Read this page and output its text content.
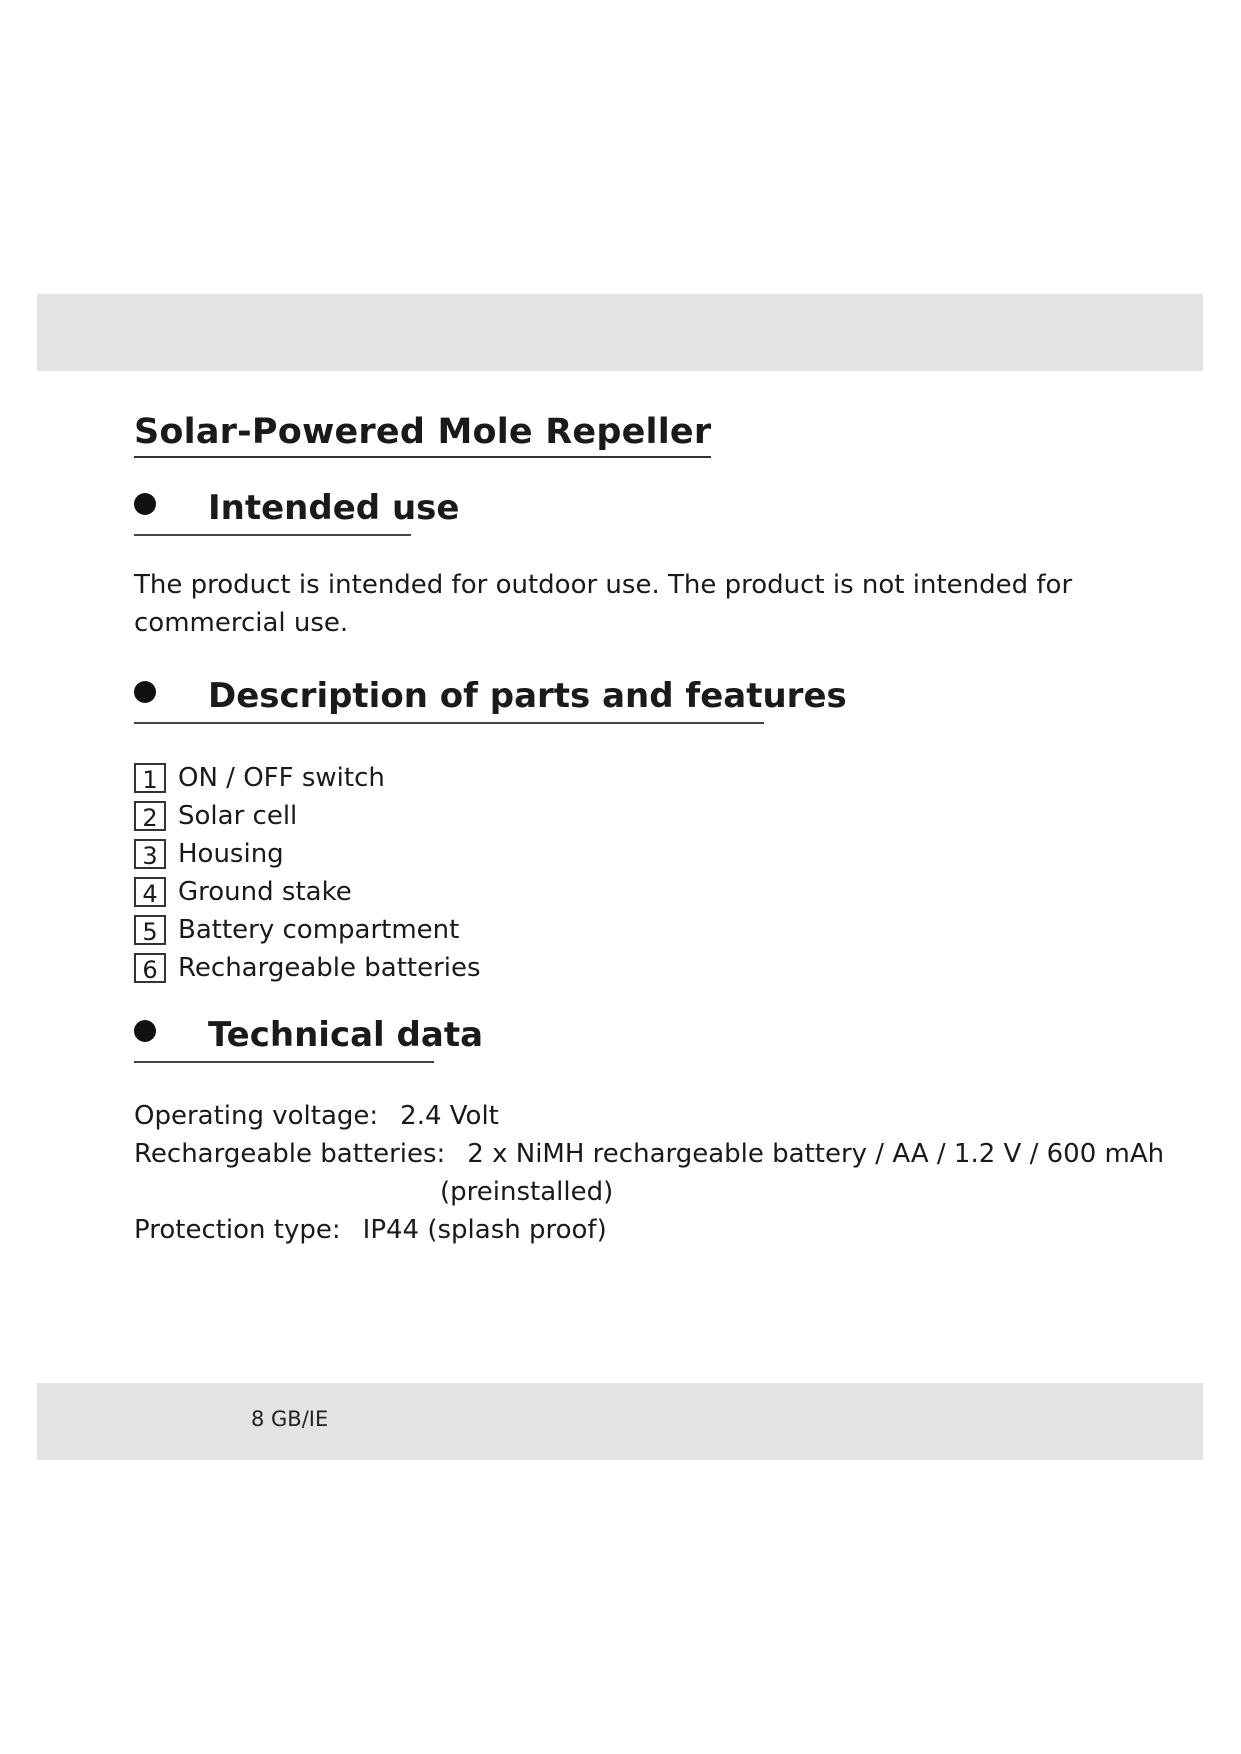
Solar-Powered Mole Repeller
Intended use

The product is intended for outdoor use. The product is not intended for commercial use.

Description of parts and features
1 ON / OFF switch
2 Solar cell
3 Housing
4 Ground stake
5 Battery compartment
6 Rechargeable batteries
Technical data
Operating voltage: 2.4 Volt
Rechargeable batteries: 2 x NiMH rechargeable battery / AA / 1.2 V / 600 mAh
(preinstalled)
Protection type: IP44 (splash proof)
8 GB/IE
